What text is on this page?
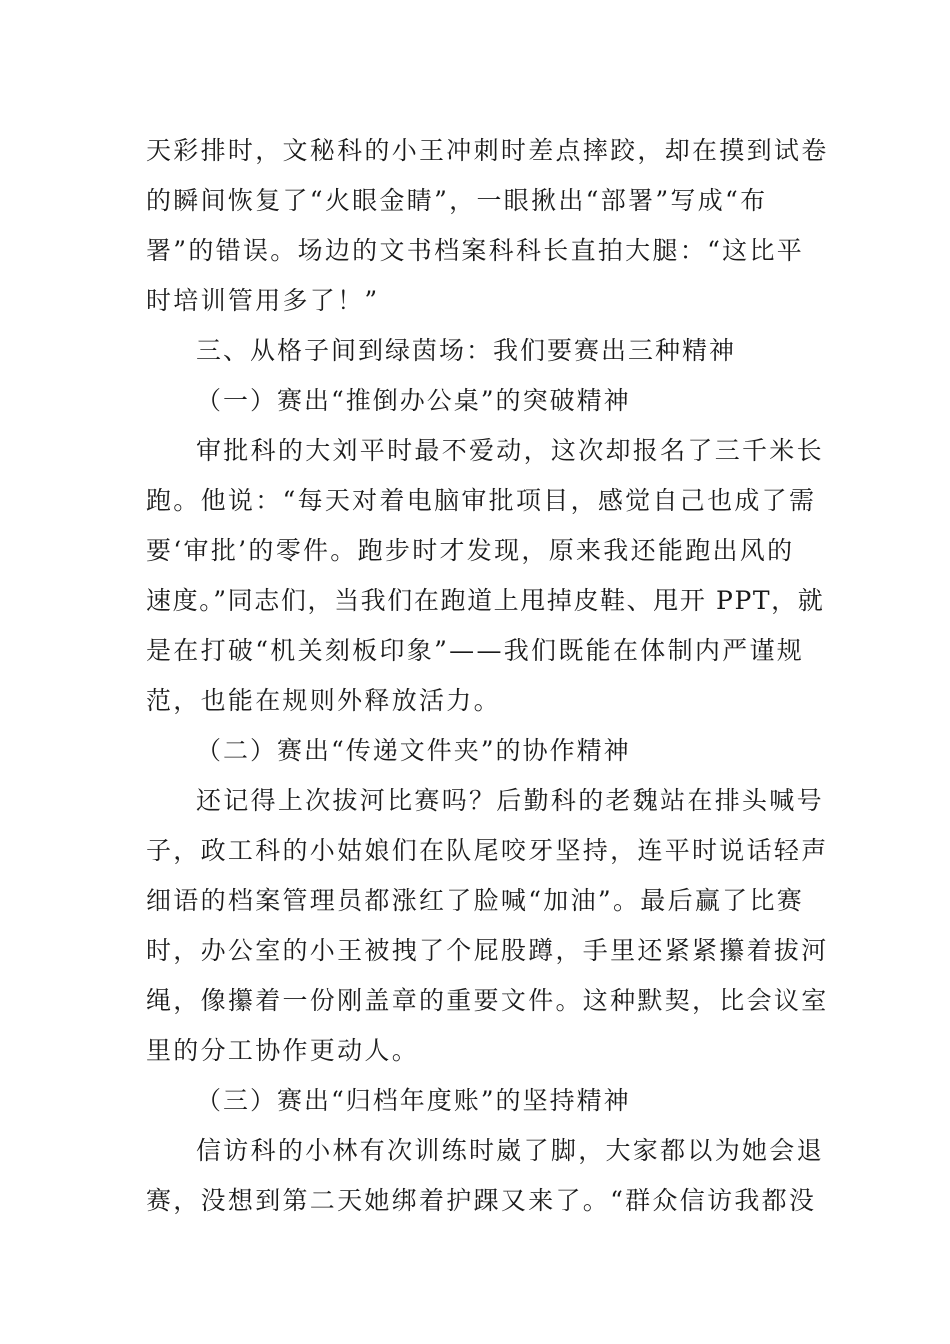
天彩排时，文秘科的小王冲刺时差点摔跤，却在摸到试卷
的瞬间恢复了“火眼金睛”，一眼揪出“部署”写成“布
署”的错误。场边的文书档案科科长直拍大腿：“这比平
时培训管用多了！”
三、从格子间到绿茵场：我们要赛出三种精神
（一）赛出“推倒办公桌”的突破精神
审批科的大刘平时最不爱动，这次却报名了三千米长
跑。他说：“每天对着电脑审批项目，感觉自己也成了需
要‘审批’的零件。跑步时才发现，原来我还能跑出风的
速度。”同志们，当我们在跑道上甩掉皮鞋、甩开 PPT，就
是在打破“机关刻板印象”——我们既能在体制内严谨规
范，也能在规则外释放活力。
（二）赛出“传递文件夹”的协作精神
还记得上次拔河比赛吗？后勤科的老魏站在排头喊号
子，政工科的小姑娘们在队尾咬牙坚持，连平时说话轻声
细语的档案管理员都涨红了脸喊“加油”。最后赢了比赛
时，办公室的小王被拽了个屁股蹲，手里还紧紧攥着拔河
绳，像攥着一份刚盖章的重要文件。这种默契，比会议室
里的分工协作更动人。
（三）赛出“归档年度账”的坚持精神
信访科的小林有次训练时崴了脚，大家都以为她会退
赛，没想到第二天她绑着护踝又来了。“群众信访我都没
